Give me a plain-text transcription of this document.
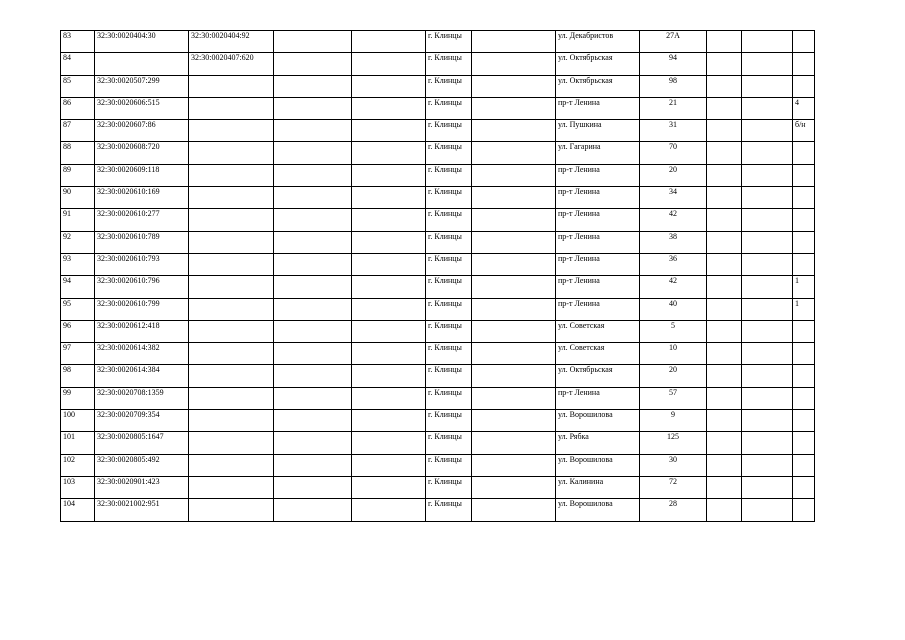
83	32:30:0020404:30	32:30:0020404:92			г. Клинцы		ул. Декабристов	27А			
84		32:30:0020407:620			г. Клинцы		ул. Октябрьская	94			
85	32:30:0020507:299				г. Клинцы		ул. Октябрьская	98			
86	32:30:0020606:515				г. Клинцы		пр-т Ленина	21			4
87	32:30:0020607:86				г. Клинцы		ул. Пушкина	31			б/н
88	32:30:0020608:720				г. Клинцы		ул. Гагарина	70			
89	32:30:0020609:118				г. Клинцы		пр-т Ленина	20			
90	32:30:0020610:169				г. Клинцы		пр-т Ленина	34			
91	32:30:0020610:277				г. Клинцы		пр-т Ленина	42			
92	32:30:0020610:789				г. Клинцы		пр-т Ленина	38			
93	32:30:0020610:793				г. Клинцы		пр-т Ленина	36			
94	32:30:0020610:796				г. Клинцы		пр-т Ленина	42			1
95	32:30:0020610:799				г. Клинцы		пр-т Ленина	40			1
96	32:30:0020612:418				г. Клинцы		ул. Советская	5			
97	32:30:0020614:382				г. Клинцы		ул. Советская	10			
98	32:30:0020614:384				г. Клинцы		ул. Октябрьская	20			
99	32:30:0020708:1359				г. Клинцы		пр-т Ленина	57			
100	32:30:0020709:354				г. Клинцы		ул. Ворошилова	9			
101	32:30:0020805:1647				г. Клинцы		ул. Рябка	125			
102	32:30:0020805:492				г. Клинцы		ул. Ворошилова	30			
103	32:30:0020901:423				г. Клинцы		ул. Калинина	72			
104	32:30:0021002:951				г. Клинцы		ул. Ворошилова	28			
